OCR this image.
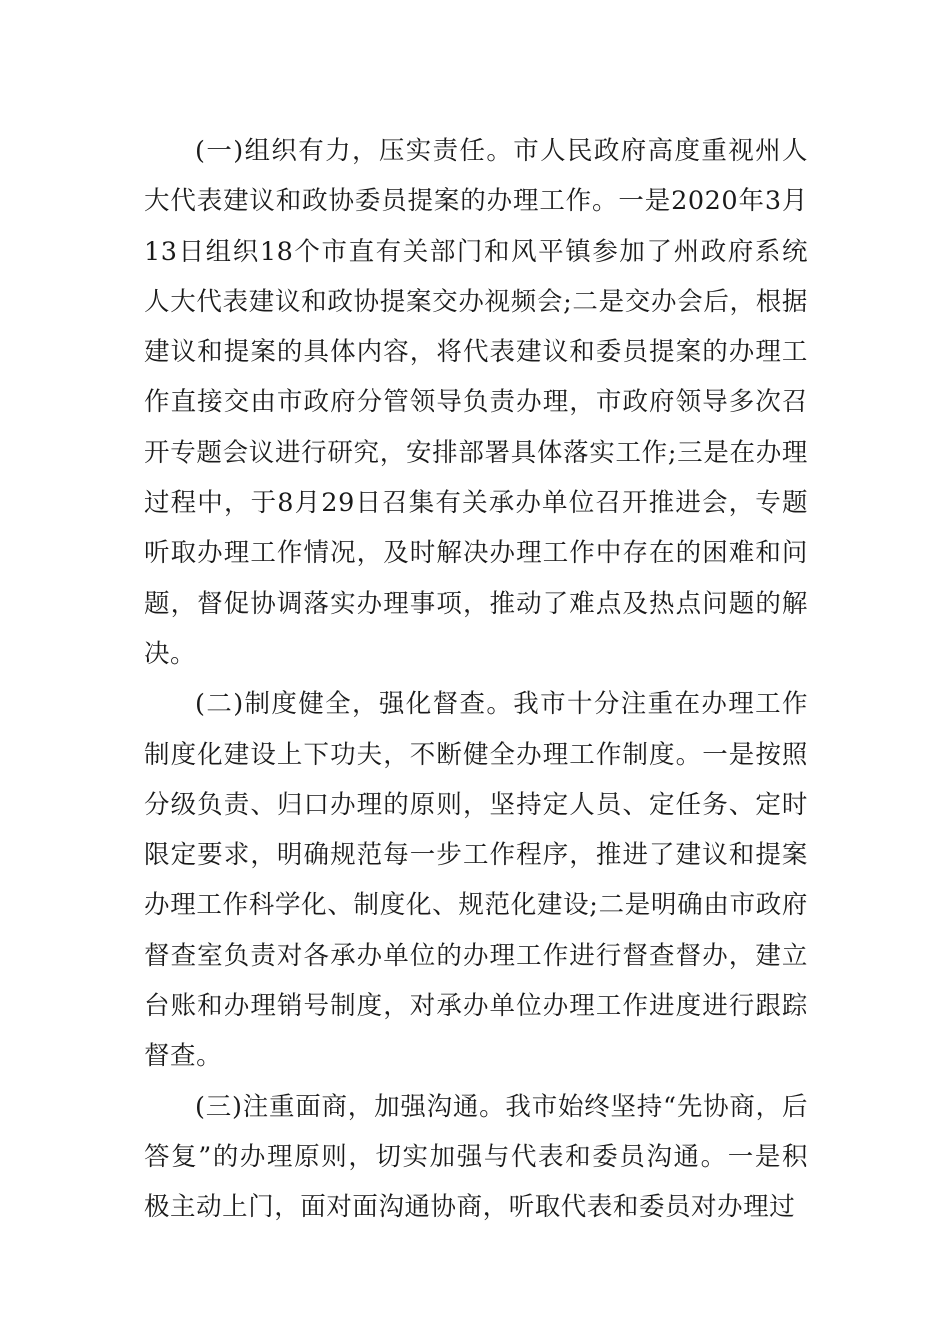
(一)组织有力，压实责任。市人民政府高度重视州人大代表建议和政协委员提案的办理工作。一是2020年3月13日组织18个市直有关部门和风平镇参加了州政府系统人大代表建议和政协提案交办视频会;二是交办会后，根据建议和提案的具体内容，将代表建议和委员提案的办理工作直接交由市政府分管领导负责办理，市政府领导多次召开专题会议进行研究，安排部署具体落实工作;三是在办理过程中，于8月29日召集有关承办单位召开推进会，专题听取办理工作情况，及时解决办理工作中存在的困难和问题，督促协调落实办理事项，推动了难点及热点问题的解决。

(二)制度健全，强化督查。我市十分注重在办理工作制度化建设上下功夫，不断健全办理工作制度。一是按照分级负责、归口办理的原则，坚持定人员、定任务、定时限定要求，明确规范每一步工作程序，推进了建议和提案办理工作科学化、制度化、规范化建设;二是明确由市政府督查室负责对各承办单位的办理工作进行督查督办，建立台账和办理销号制度，对承办单位办理工作进度进行跟踪督查。

(三)注重面商，加强沟通。我市始终坚持“先协商，后答复”的办理原则，切实加强与代表和委员沟通。一是积极主动上门，面对面沟通协商，听取代表和委员对办理过
